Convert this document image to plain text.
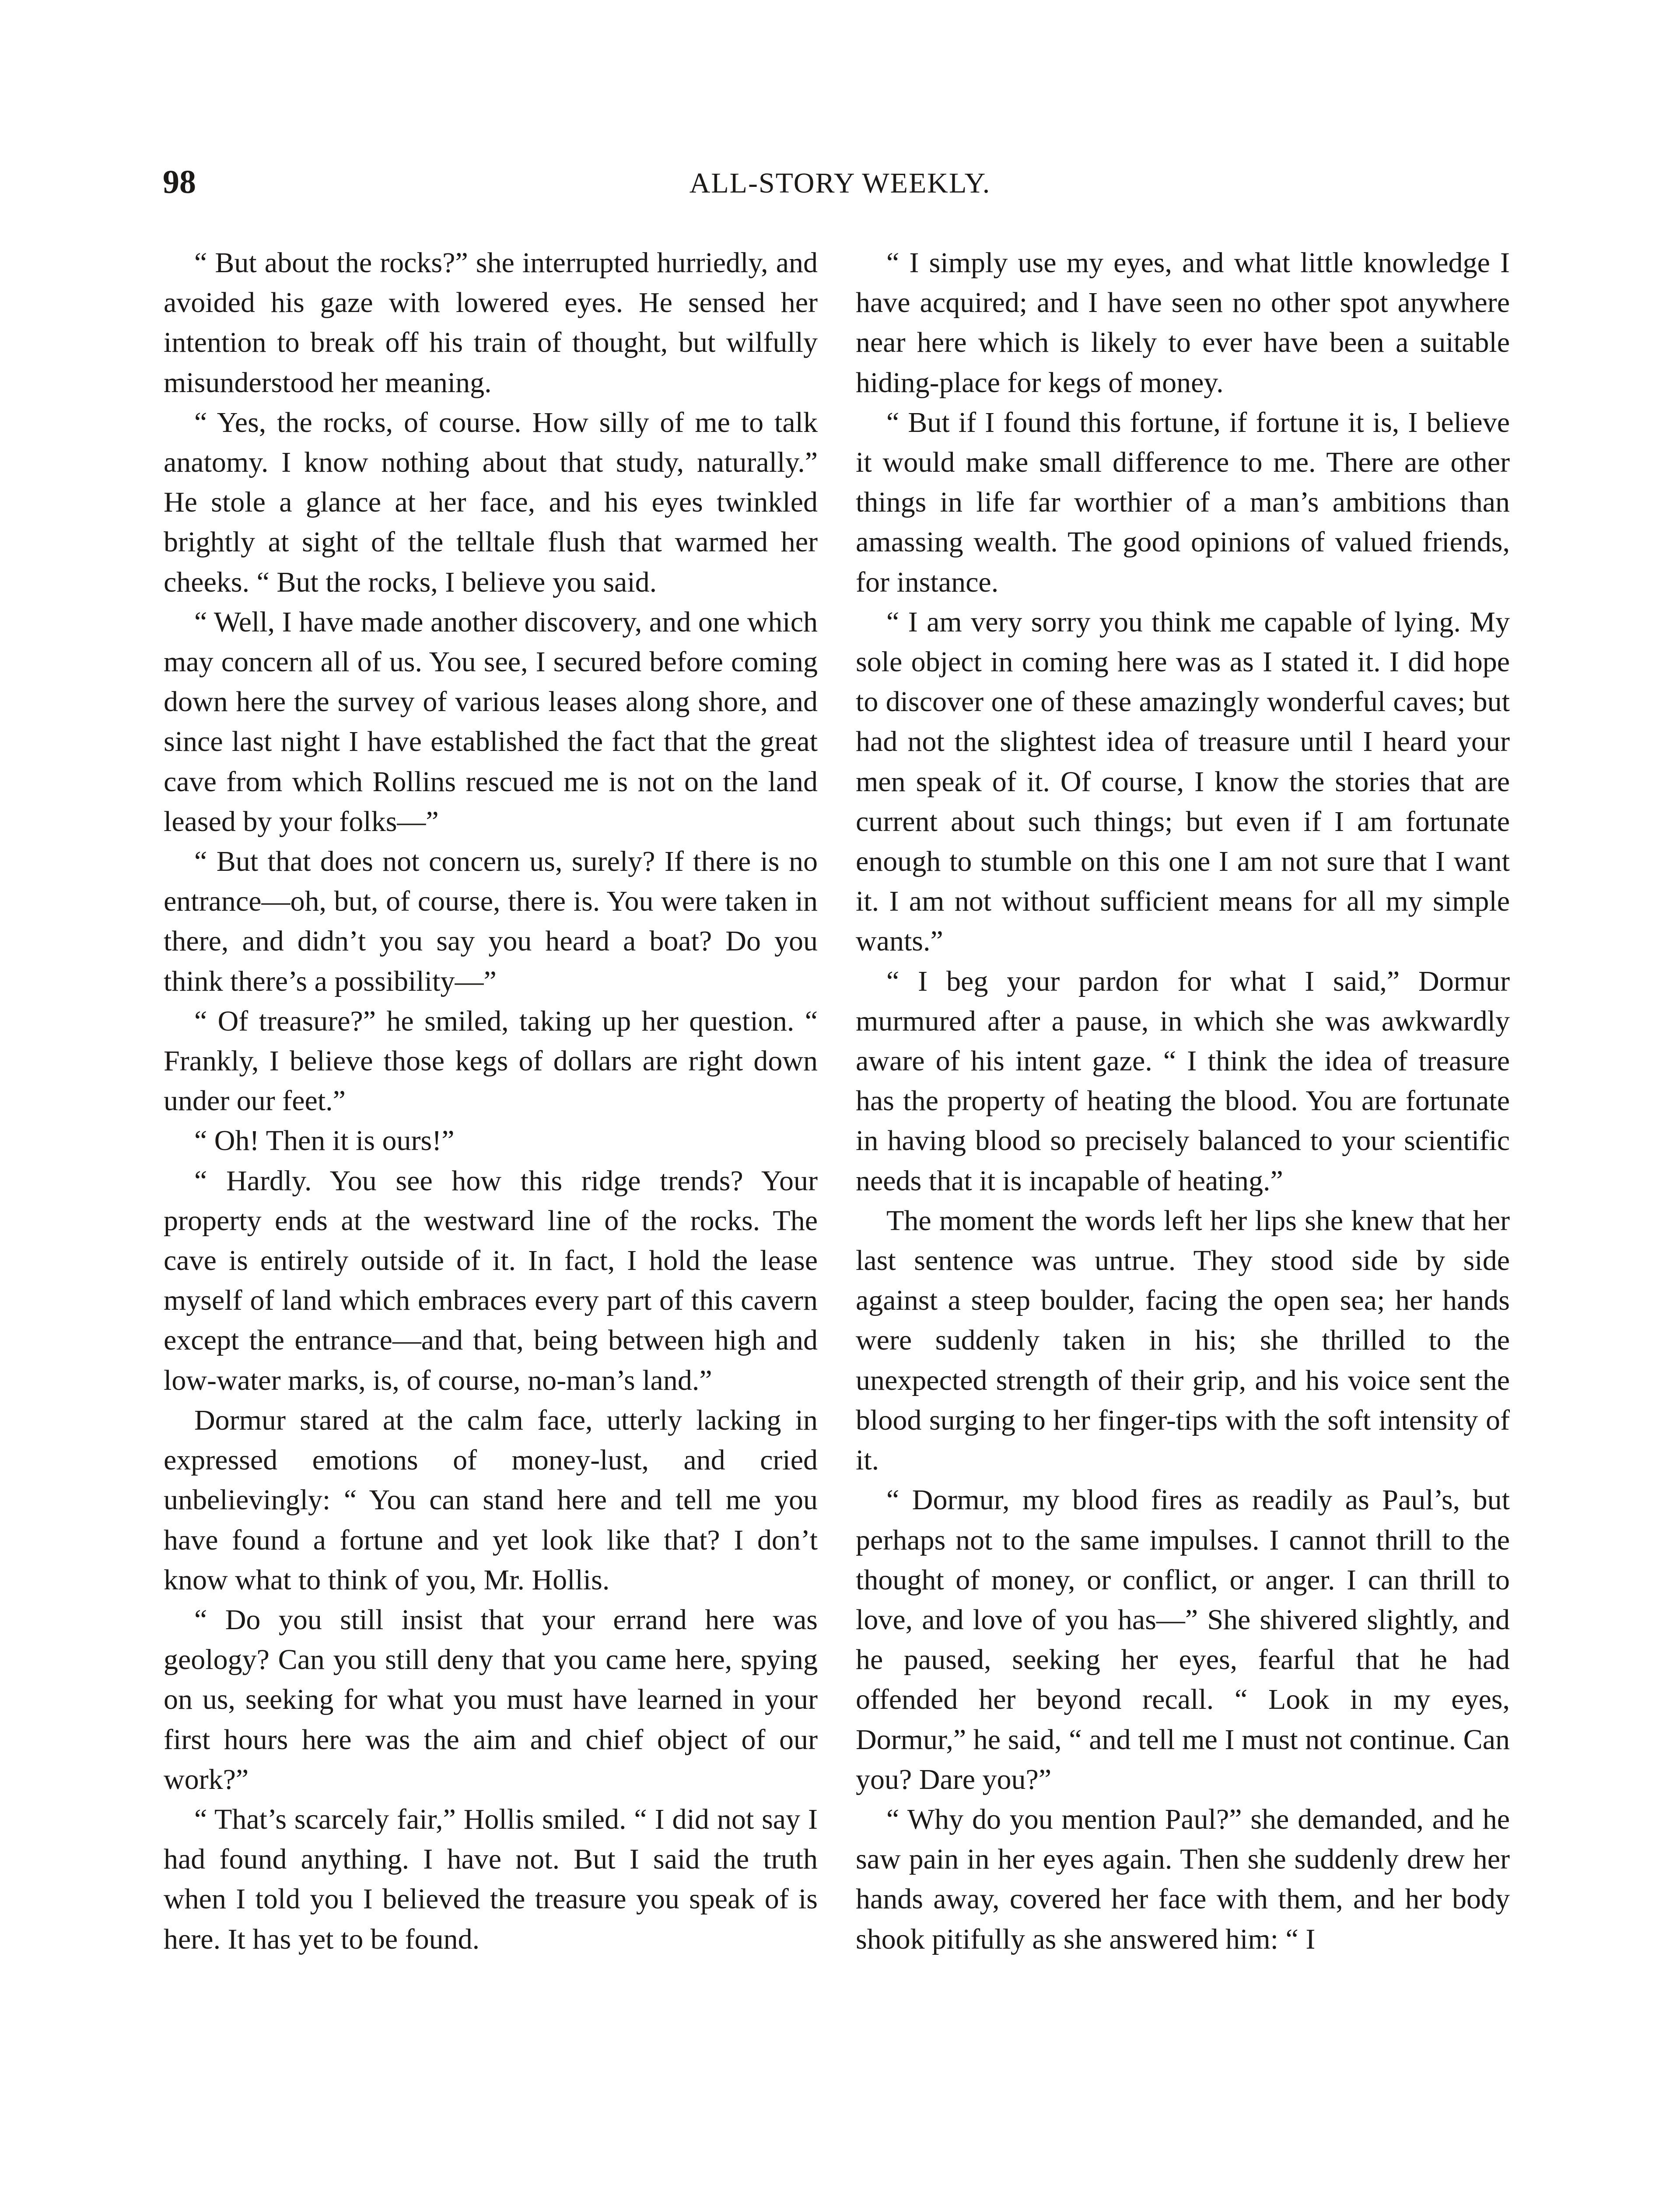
98	ALL-STORY WEEKLY.

“ But about the rocks?” she interrupted hurriedly, and avoided his gaze with lowered eyes. He sensed her intention to break off his train of thought, but wilfully misunderstood her meaning.

“ Yes, the rocks, of course. How silly of me to talk anatomy. I know nothing about that study, naturally.” He stole a glance at her face, and his eyes twinkled brightly at sight of the telltale flush that warmed her cheeks. “ But the rocks, I believe you said.

“ Well, I have made another discovery, and one which may concern all of us. You see, I secured before coming down here the survey of various leases along shore, and since last night I have established the fact that the great cave from which Rollins rescued me is not on the land leased by your folks—”

“ But that does not concern us, surely? If there is no entrance—oh, but, of course, there is. You were taken in there, and didn’t you say you heard a boat? Do you think there’s a possibility—”

“ Of treasure?” he smiled, taking up her question. “ Frankly, I believe those kegs of dollars are right down under our feet.”

“ Oh! Then it is ours!”

“ Hardly. You see how this ridge trends? Your property ends at the westward line of the rocks. The cave is entirely outside of it. In fact, I hold the lease myself of land which embraces every part of this cavern except the entrance—and that, being between high and low-water marks, is, of course, no-man’s land.”

Dormur stared at the calm face, utterly lacking in expressed emotions of money-lust, and cried unbelievingly: “ You can stand here and tell me you have found a fortune and yet look like that? I don’t know what to think of you, Mr. Hollis.

“ Do you still insist that your errand here was geology? Can you still deny that you came here, spying on us, seeking for what you must have learned in your first hours here was the aim and chief object of our work?”

“ That’s scarcely fair,” Hollis smiled. “ I did not say I had found anything. I have not. But I said the truth when I told you I believed the treasure you speak of is here. It has yet to be found.

“ I simply use my eyes, and what little knowledge I have acquired; and I have seen no other spot anywhere near here which is likely to ever have been a suitable hiding-place for kegs of money.

“ But if I found this fortune, if fortune it is, I believe it would make small difference to me. There are other things in life far worthier of a man’s ambitions than amassing wealth. The good opinions of valued friends, for instance.

“ I am very sorry you think me capable of lying. My sole object in coming here was as I stated it. I did hope to discover one of these amazingly wonderful caves; but had not the slightest idea of treasure until I heard your men speak of it. Of course, I know the stories that are current about such things; but even if I am fortunate enough to stumble on this one I am not sure that I want it. I am not without sufficient means for all my simple wants.”

“ I beg your pardon for what I said,” Dormur murmured after a pause, in which she was awkwardly aware of his intent gaze. “ I think the idea of treasure has the property of heating the blood. You are fortunate in having blood so precisely balanced to your scientific needs that it is incapable of heating.”

The moment the words left her lips she knew that her last sentence was untrue. They stood side by side against a steep boulder, facing the open sea; her hands were suddenly taken in his; she thrilled to the unexpected strength of their grip, and his voice sent the blood surging to her finger-tips with the soft intensity of it.

“ Dormur, my blood fires as readily as Paul’s, but perhaps not to the same impulses. I cannot thrill to the thought of money, or conflict, or anger. I can thrill to love, and love of you has—” She shivered slightly, and he paused, seeking her eyes, fearful that he had offended her beyond recall. “ Look in my eyes, Dormur,” he said, “ and tell me I must not continue. Can you? Dare you?”

“ Why do you mention Paul?” she demanded, and he saw pain in her eyes again. Then she suddenly drew her hands away, covered her face with them, and her body shook pitifully as she answered him: “ I
